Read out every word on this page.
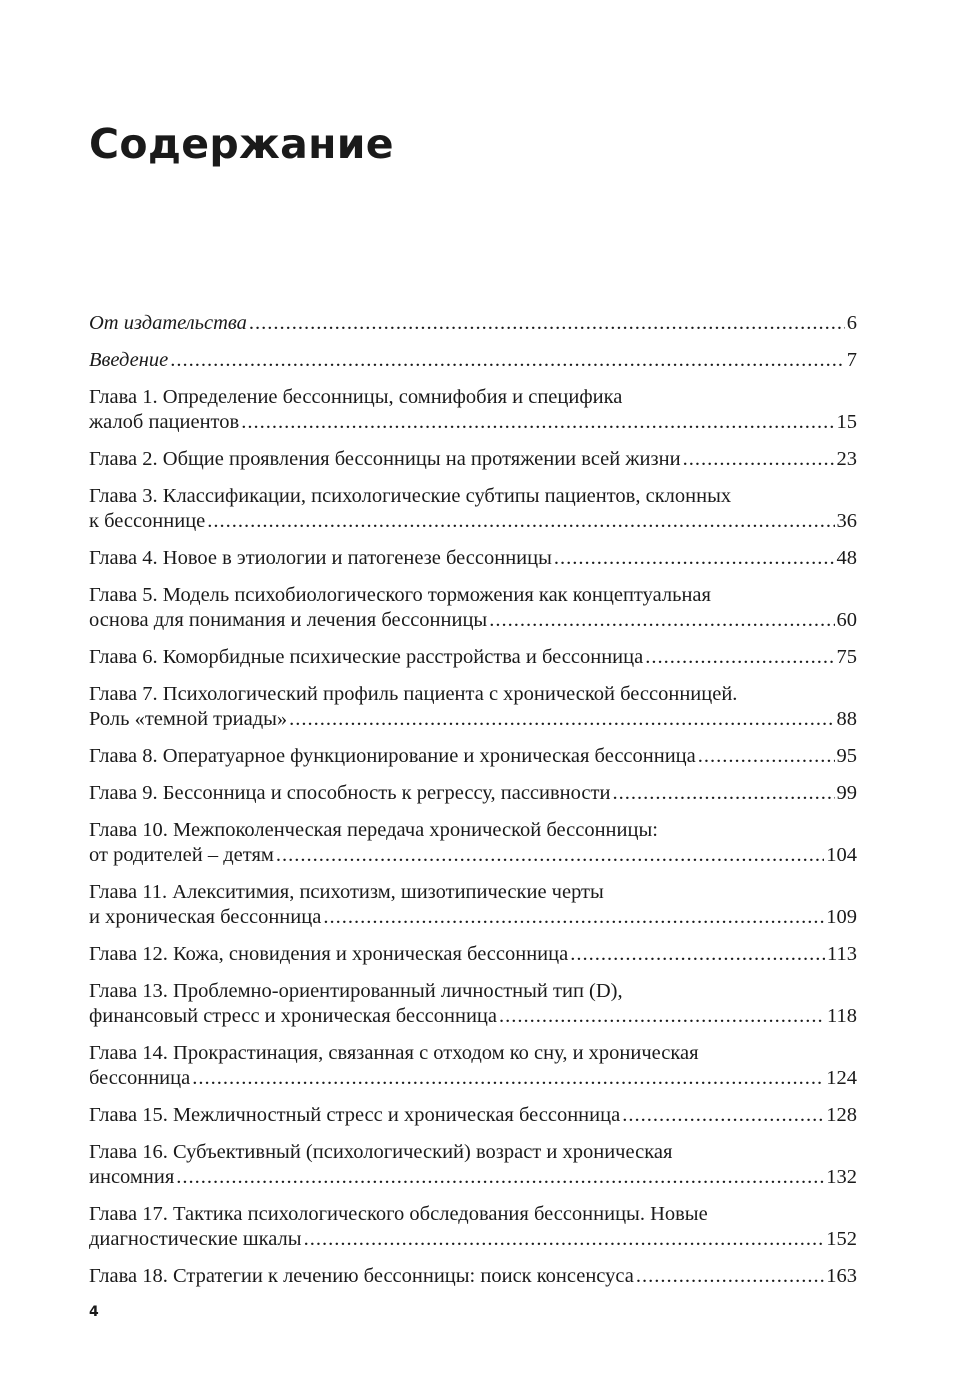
Содержание
От издательства .....	6
Введение .....	7
Глава 1. Определение бессонницы, сомнифобия и специфика
жалоб пациентов .....	15
Глава 2. Общие проявления бессонницы на протяжении всей жизни .....	23
Глава 3. Классификации, психологические субтипы пациентов, склонных
к бессоннице .....	36
Глава 4. Новое в этиологии и патогенезе бессонницы .....	48
Глава 5. Модель психобиологического торможения как концептуальная
основа для понимания и лечения бессонницы .....	60
Глава 6. Коморбидные психические расстройства и бессонница .....	75
Глава 7. Психологический профиль пациента с хронической бессонницей.
Роль «темной триады» .....	88
Глава 8. Оператуарное функционирование и хроническая бессонница .....	95
Глава 9. Бессонница и способность к регрессу, пассивности .....	99
Глава 10. Межпоколенческая передача хронической бессонницы:
от родителей – детям .....	104
Глава 11. Алекситимия, психотизм, шизотипические черты
и хроническая бессонница .....	109
Глава 12. Кожа, сновидения и хроническая бессонница .....	113
Глава 13. Проблемно-ориентированный личностный тип (D),
финансовый стресс и хроническая бессонница .....	118
Глава 14. Прокрастинация, связанная с отходом ко сну, и хроническая
бессонница .....	124
Глава 15. Межличностный стресс и хроническая бессонница .....	128
Глава 16. Субъективный (психологический) возраст и хроническая
инсомния .....	132
Глава 17. Тактика психологического обследования бессонницы. Новые
диагностические шкалы .....	152
Глава 18. Стратегии к лечению бессонницы: поиск консенсуса .....	163
4
